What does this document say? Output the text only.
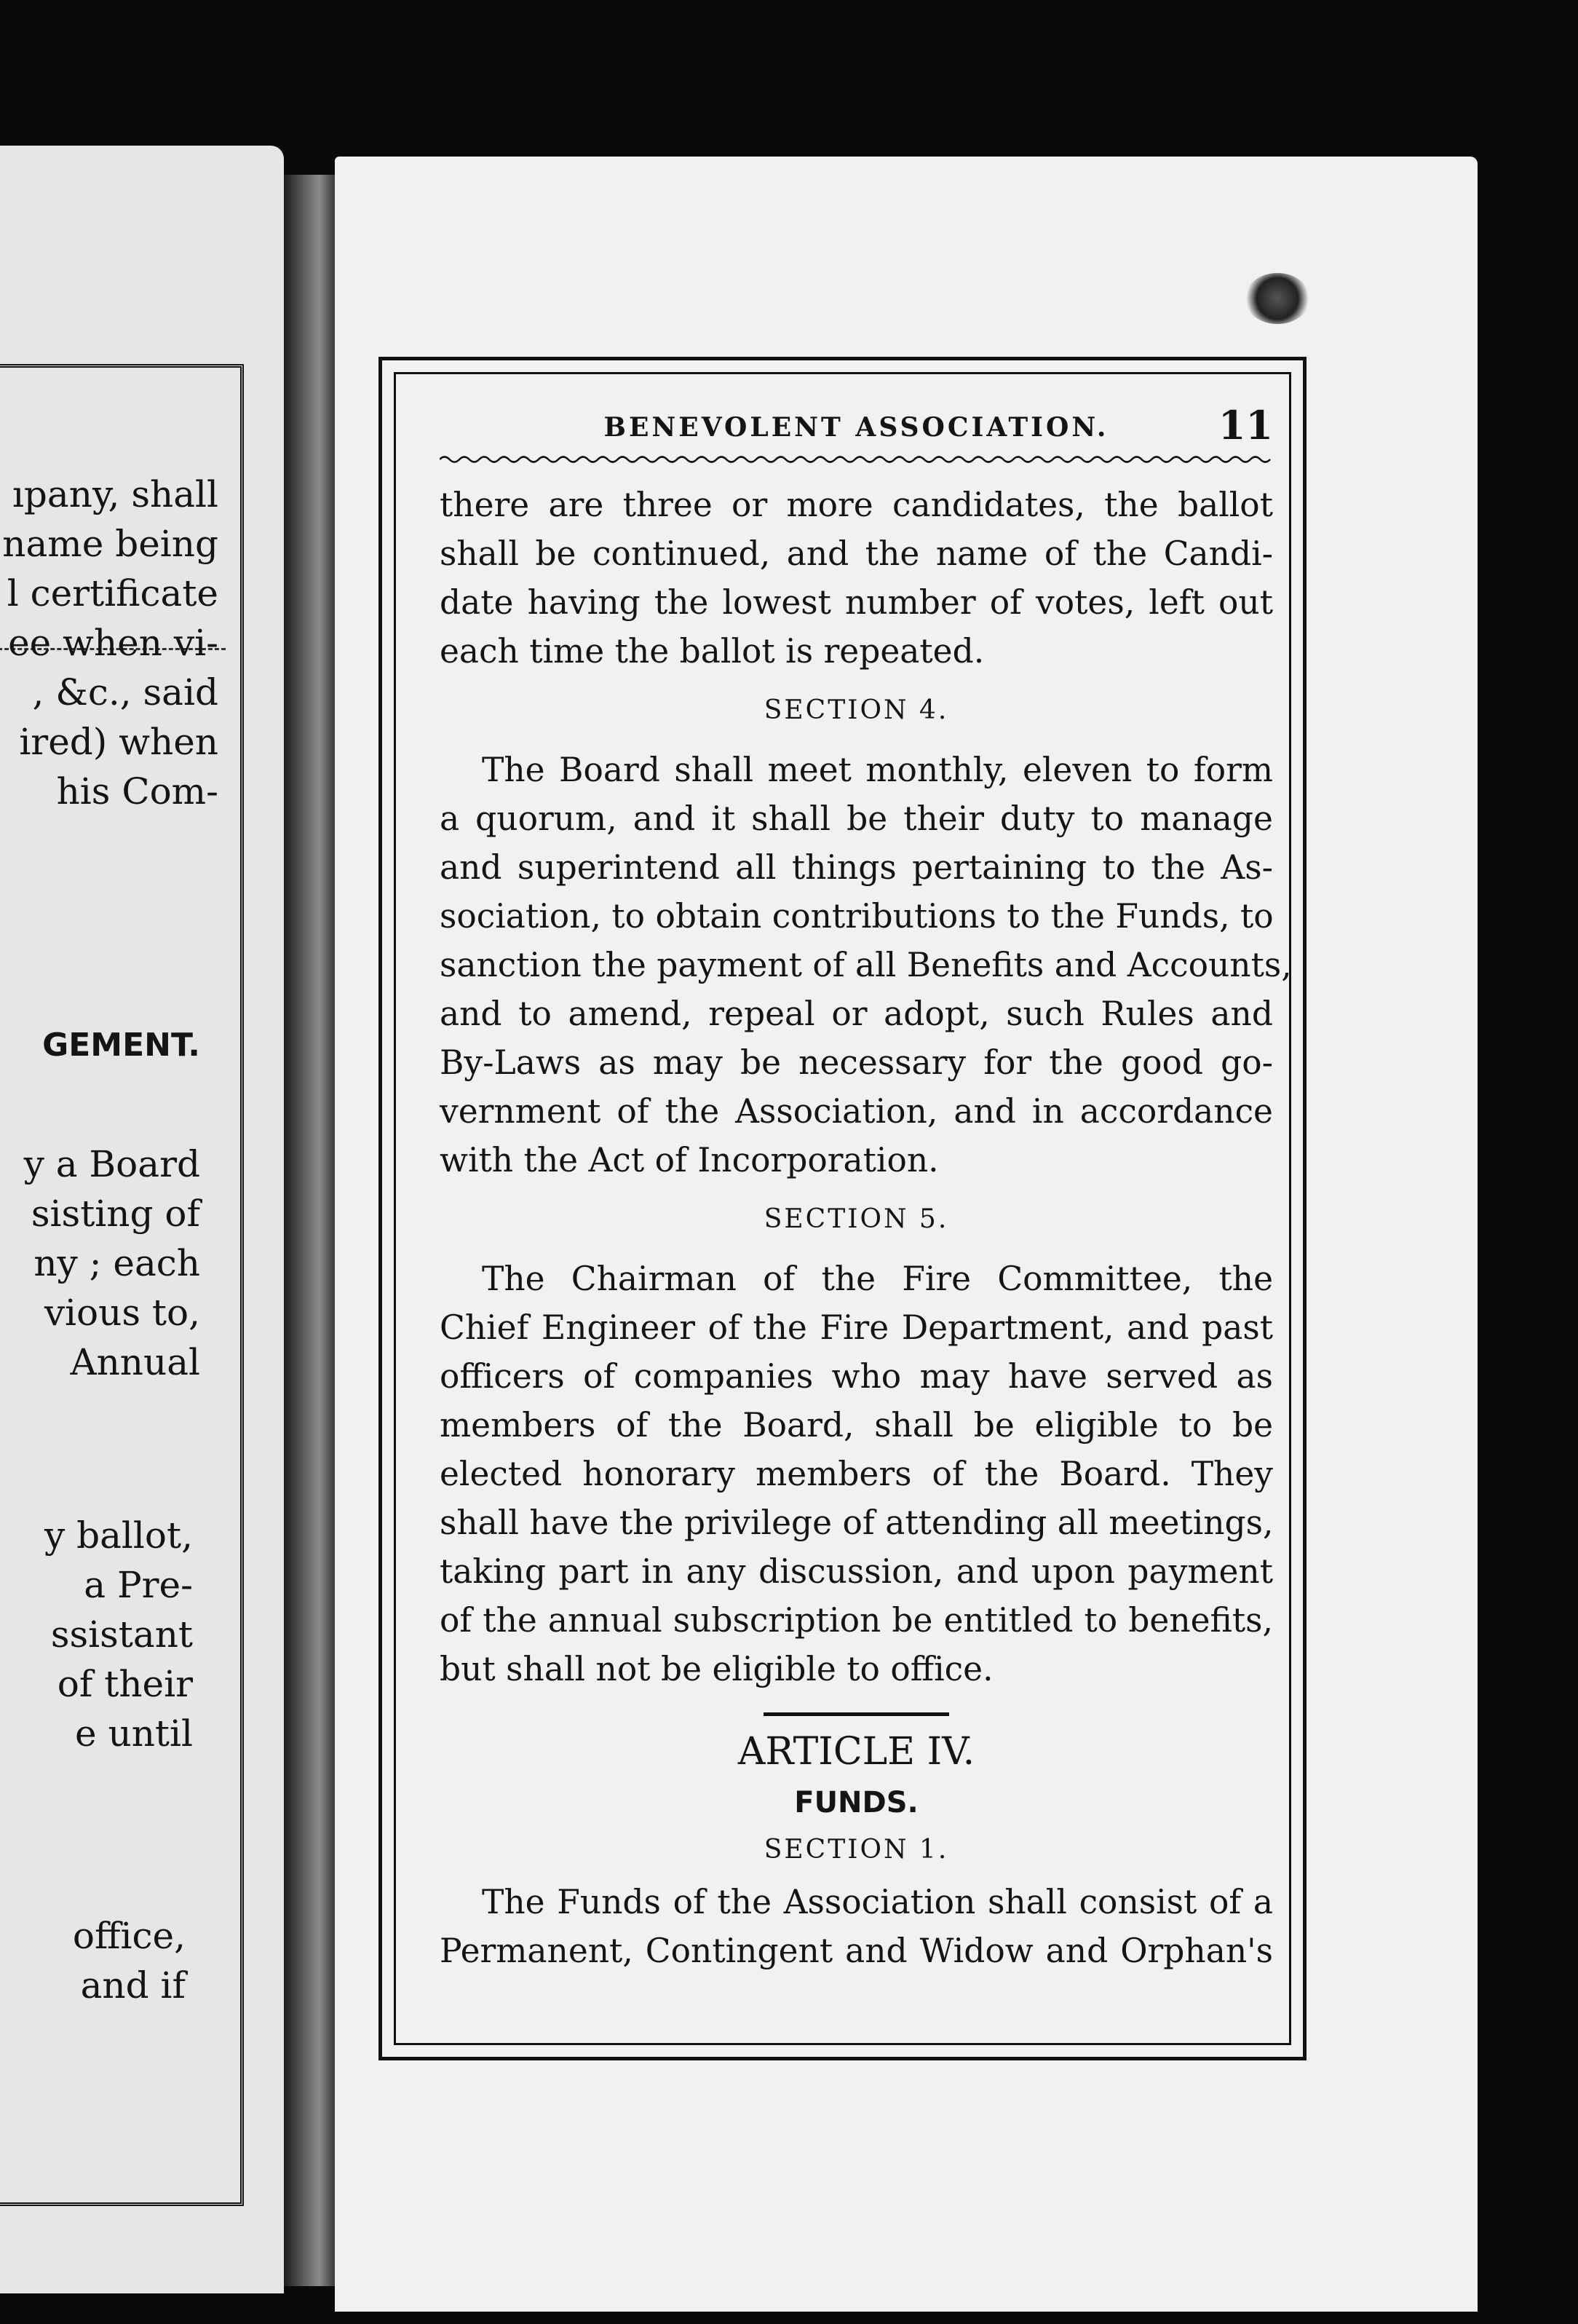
ıpany, shall
name being
l certificate
ee when vi-
, &c., said
ired) when
his Com-
GEMENT.
y a Board
sisting of
ny ; each
vious to,
Annual
y ballot,
a Pre-
ssistant
of their
e until
office,
and if
BENEVOLENT ASSOCIATION.	11

there are three or more candidates, the ballot
shall be continued, and the name of the Candi-
date having the lowest number of votes, left out
each time the ballot is repeated.

SECTION 4.

The Board shall meet monthly, eleven to form
a quorum, and it shall be their duty to manage
and superintend all things pertaining to the As-
sociation, to obtain contributions to the Funds, to
sanction the payment of all Benefits and Accounts,
and to amend, repeal or adopt, such Rules and
By-Laws as may be necessary for the good go-
vernment of the Association, and in accordance
with the Act of Incorporation.

SECTION 5.

The Chairman of the Fire Committee, the
Chief Engineer of the Fire Department, and past
officers of companies who may have served as
members of the Board, shall be eligible to be
elected honorary members of the Board. They
shall have the privilege of attending all meetings,
taking part in any discussion, and upon payment
of the annual subscription be entitled to benefits,
but shall not be eligible to office.

ARTICLE IV.
FUNDS.
SECTION 1.

The Funds of the Association shall consist of a
Permanent, Contingent and Widow and Orphan's
